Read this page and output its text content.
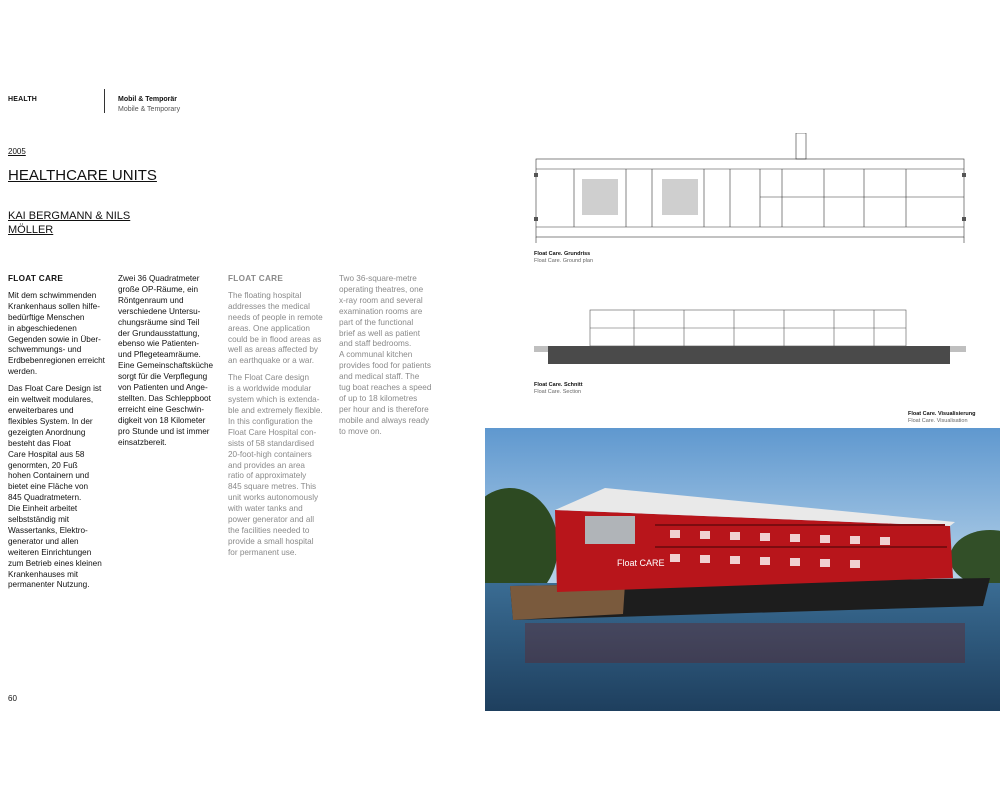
HEALTH	Mobil & Temporär
Mobile & Temporary
2005
HEALTHCARE UNITS
KAI BERGMANN & NILS MÖLLER
FLOAT CARE

Mit dem schwimmenden
Krankenhaus sollen hilfe-
bedürftige Menschen
in abgeschiedenen
Gegenden sowie in Über-
schwemmungs- und
Erdbebenregionen erreicht
werden.

Das Float Care Design ist
ein weltweit modulares,
erweiterbares und
flexibles System. In der
gezeigten Anordnung
besteht das Float
Care Hospital aus 58
genormten, 20 Fuß
hohen Containern und
bietet eine Fläche von
845 Quadratmetern.
Die Einheit arbeitet
selbstständig mit
Wassertanks, Elektro-
generator und allen
weiteren Einrichtungen
zum Betrieb eines kleinen
Krankenhauses mit
permanenter Nutzung.

Zwei 36 Quadratmeter
große OP-Räume, ein
Röntgenraum und
verschiedene Untersu-
chungsräume sind Teil
der Grundausstattung,
ebenso wie Patienten-
und Pflegeteamräume.
Eine Gemeinschaftsküche
sorgt für die Verpflegung
von Patienten und Ange-
stellten. Das Schleppboot
erreicht eine Geschwin-
digkeit von 18 Kilometer
pro Stunde und ist immer
einsatzbereit.

FLOAT CARE

The floating hospital
addresses the medical
needs of people in remote
areas. One application
could be in flood areas as
well as areas affected by
an earthquake or a war.

The Float Care design
is a worldwide modular
system which is extenda-
ble and extremely flexible.
In this configuration the
Float Care Hospital con-
sists of 58 standardised
20-foot-high containers
and provides an area
ratio of approximately
845 square metres. This
unit works autonomously
with water tanks and
power generator and all
the facilities needed to
provide a small hospital
for permanent use.

Two 36-square-metre
operating theatres, one
x-ray room and several
examination rooms are
part of the functional
brief as well as patient
and staff bedrooms.
A communal kitchen
provides food for patients
and medical staff. The
tug boat reaches a speed
of up to 18 kilometres
per hour and is therefore
mobile and always ready
to move on.

60
Float Care. Grundriss
Float Care. Ground plan
Float Care. Schnitt
Float Care. Section
Float Care. Visualisierung
Float Care. Visualisation
Float CARE
